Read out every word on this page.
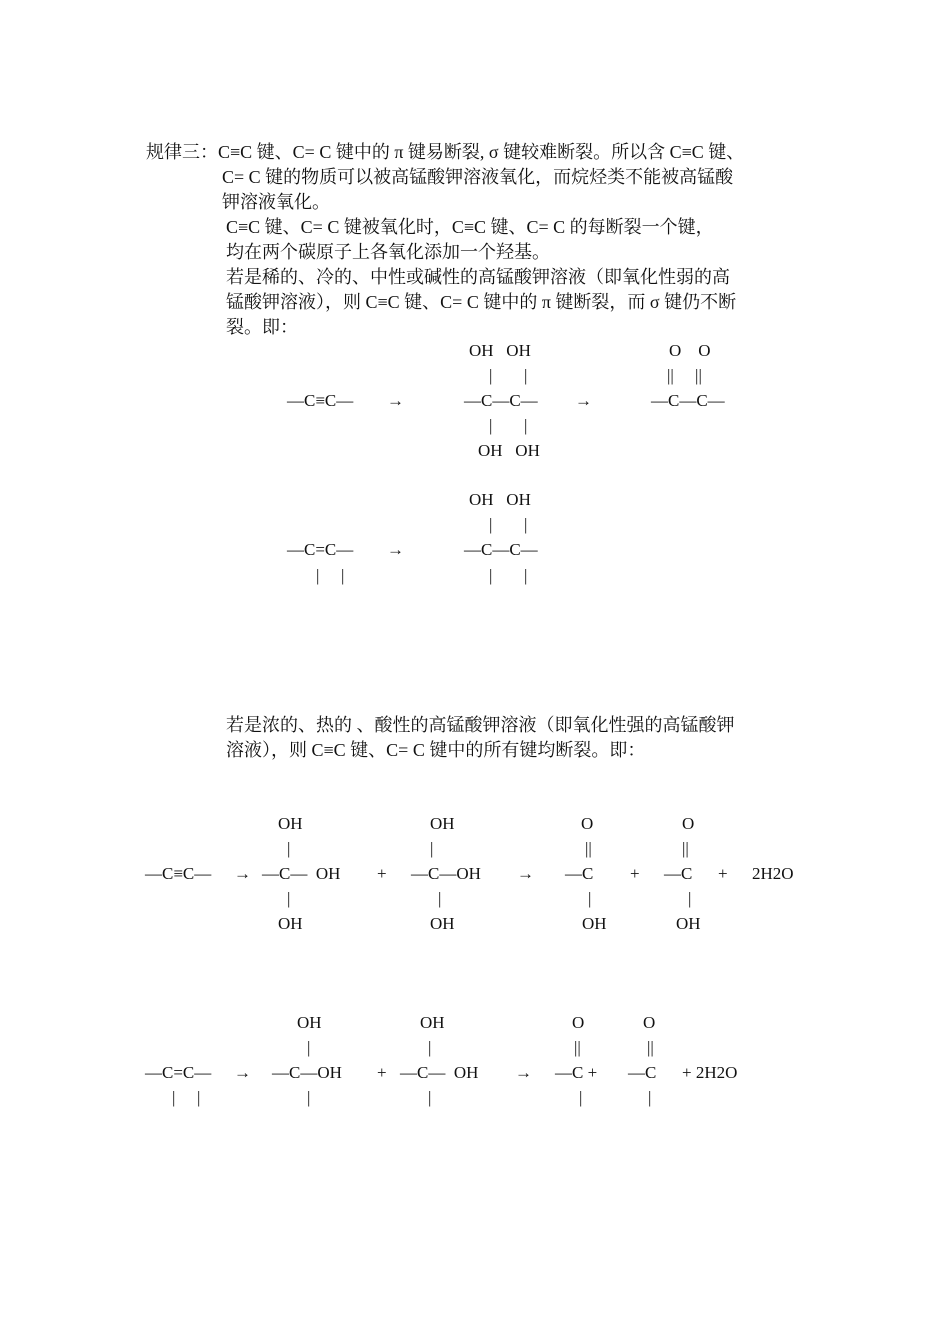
规律三：C≡C 键、C= C 键中的 π 键易断裂, σ 键较难断裂。所以含 C≡C 键、
C= C 键的物质可以被高锰酸钾溶液氧化，而烷烃类不能被高锰酸
钾溶液氧化。
C≡C 键、C= C 键被氧化时，C≡C 键、C= C 的每断裂一个键，
均在两个碳原子上各氧化添加一个羟基。
若是稀的、冷的、中性或碱性的高锰酸钾溶液（即氧化性弱的高
锰酸钾溶液），则 C≡C 键、C= C 键中的 π 键断裂，而 σ 键仍不断
裂。即：
OH   OH
| |
—C≡C— →	—C—C—
| |
OH   OH
→
O    O
||     ||
—C—C—
OH   OH
| |
—C=C— →	—C—C—
| |	| |
若是浓的、热的 、酸性的高锰酸钾溶液（即氧化性强的高锰酸钾
溶液），则 C≡C 键、C= C 键中的所有键均断裂。即：
OH
|
—C≡C— → —C—  OH
|
OH
+
OH
|
—C—OH
|
OH
→
O
||
—C
|
OH
+
O
||
—C
|
OH
+ 2H2O
OH
|
—C=C— → —C—OH
| |	|
+
OH
|
—C—  OH
|
→
O
||
—C +
|
O
||
—C
|
+ 2H2O
